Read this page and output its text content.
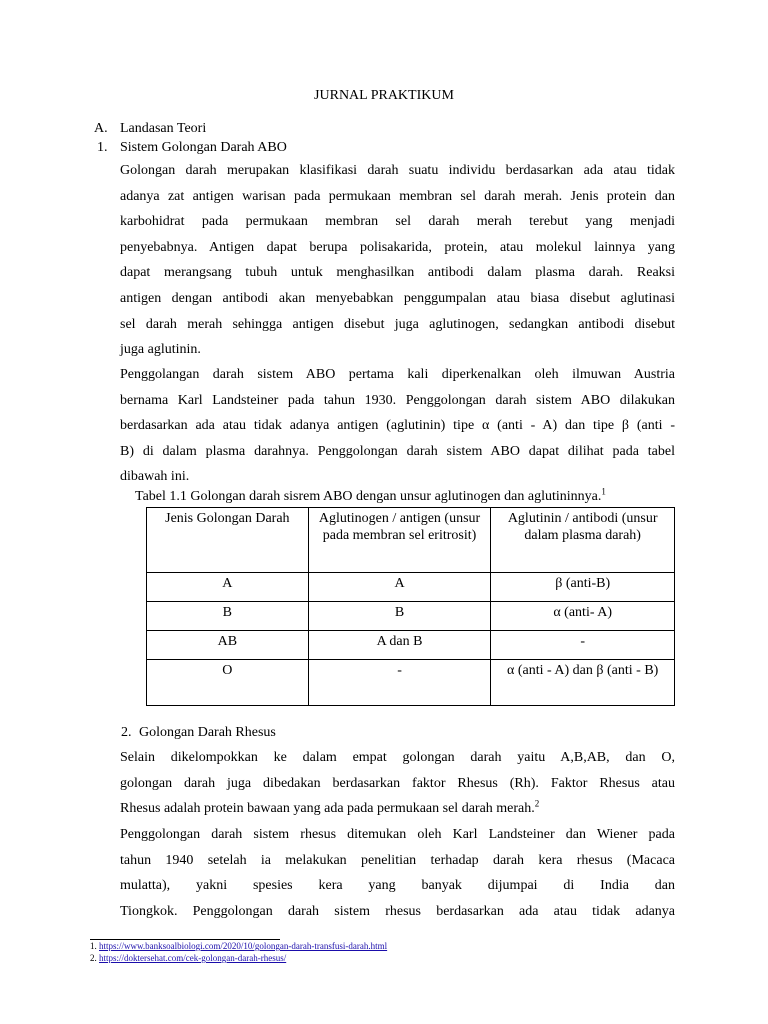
JURNAL PRAKTIKUM
A. Landasan Teori
1. Sistem Golongan Darah ABO
Golongan darah merupakan klasifikasi darah suatu individu berdasarkan ada atau tidak
adanya zat antigen warisan pada permukaan membran sel darah merah. Jenis protein dan
karbohidrat pada permukaan membran sel darah merah terebut yang menjadi
penyebabnya. Antigen dapat berupa polisakarida, protein, atau molekul lainnya yang
dapat merangsang tubuh untuk menghasilkan antibodi dalam plasma darah. Reaksi
antigen dengan antibodi akan menyebabkan penggumpalan atau biasa disebut aglutinasi
sel darah merah sehingga antigen disebut juga aglutinogen, sedangkan antibodi disebut
juga aglutinin.
Penggolangan darah sistem ABO pertama kali diperkenalkan oleh ilmuwan Austria
bernama Karl Landsteiner pada tahun 1930. Penggolongan darah sistem ABO dilakukan
berdasarkan ada atau tidak adanya antigen (aglutinin) tipe α (anti - A) dan tipe β (anti -
B) di dalam plasma darahnya. Penggolongan darah sistem ABO dapat dilihat pada tabel
dibawah ini.
Tabel 1.1 Golongan darah sisrem ABO dengan unsur aglutinogen dan aglutininnya.$^1$
Jenis Golongan Darah	Aglutinogen / antigen (unsur pada membran sel eritrosit)	Aglutinin / antibodi (unsur dalam plasma darah)
A	A	β (anti-B)
B	B	α (anti- A)
AB	A dan B	-
O	-	α (anti - A) dan β (anti - B)
2. Golongan Darah Rhesus
Selain dikelompokkan ke dalam empat golongan darah yaitu A,B,AB, dan O,
golongan darah juga dibedakan berdasarkan faktor Rhesus (Rh). Faktor Rhesus atau
Rhesus adalah protein bawaan yang ada pada permukaan sel darah merah.$^2$
Penggolongan darah sistem rhesus ditemukan oleh Karl Landsteiner dan Wiener pada
tahun 1940 setelah ia melakukan penelitian terhadap darah kera rhesus (Macaca
mulatta), yakni spesies kera yang banyak dijumpai di India dan
Tiongkok. Penggolongan darah sistem rhesus berdasarkan ada atau tidak adanya
1. https://www.banksoalbiologi.com/2020/10/golongan-darah-transfusi-darah.html
2. https://doktersehat.com/cek-golongan-darah-rhesus/
